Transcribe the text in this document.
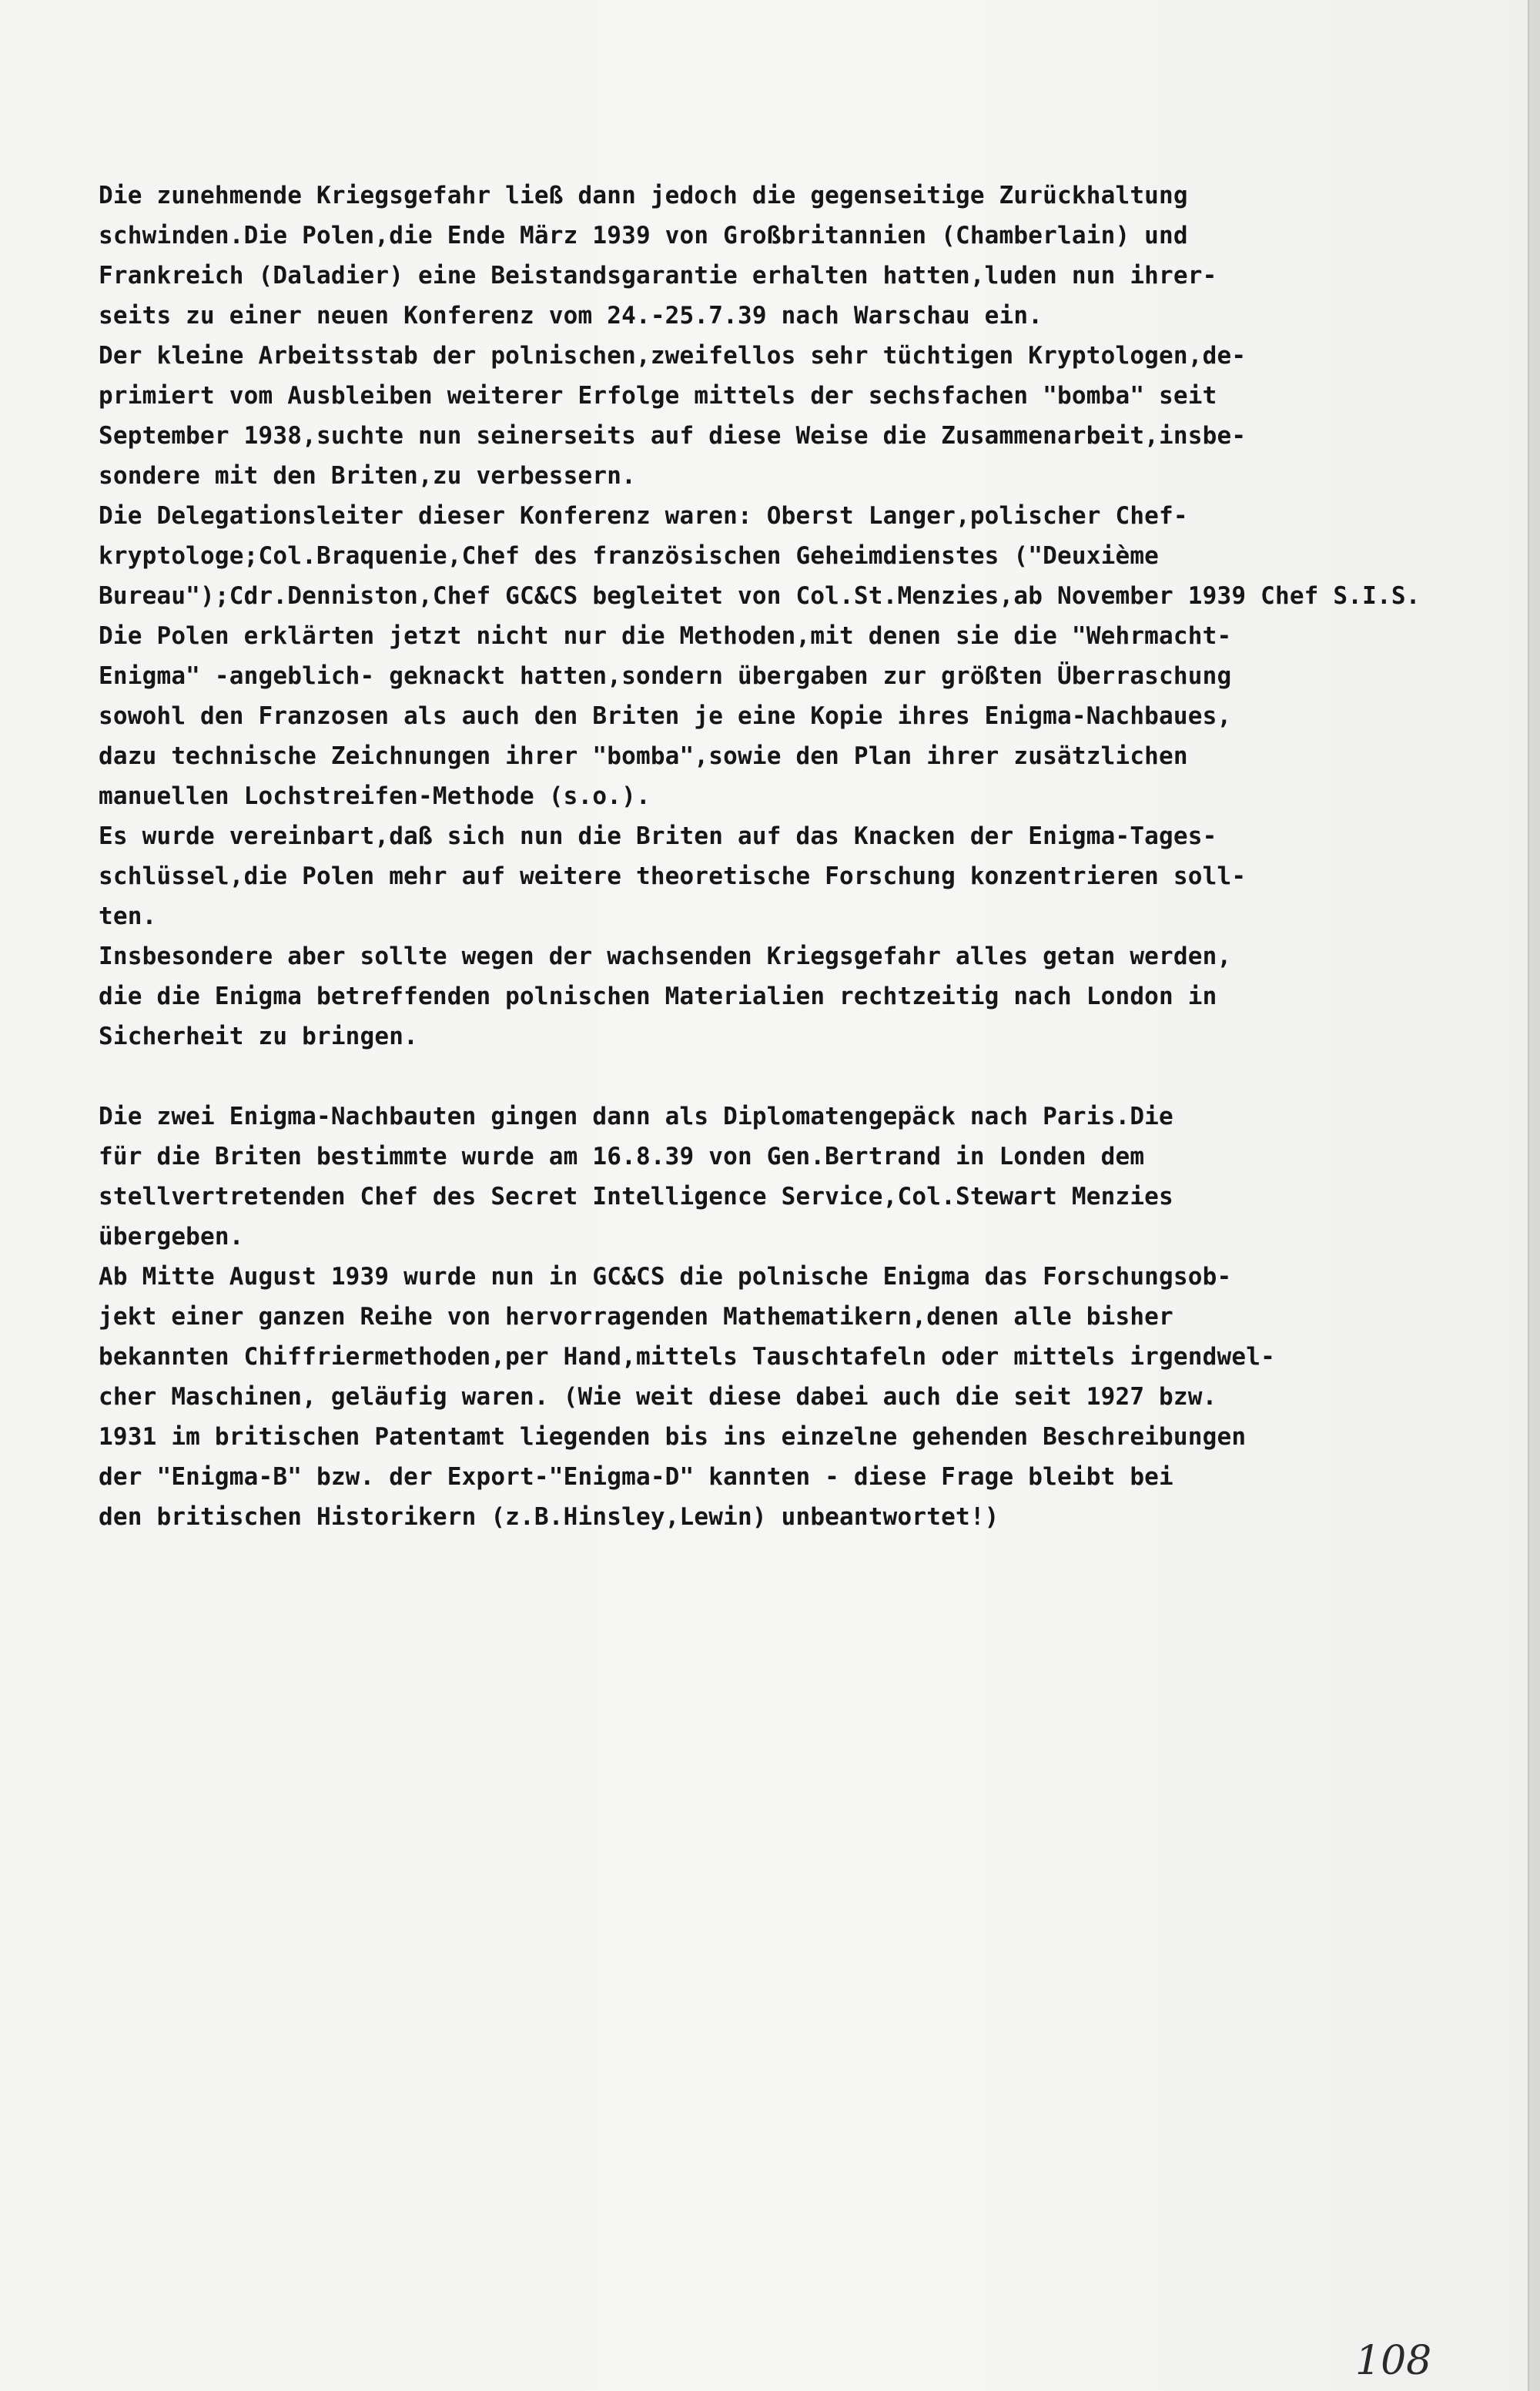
Die zunehmende Kriegsgefahr ließ dann jedoch die gegenseitige Zurückhaltung
schwinden.Die Polen,die Ende März 1939 von Großbritannien (Chamberlain) und
Frankreich (Daladier) eine Beistandsgarantie erhalten hatten,luden nun ihrer-
seits zu einer neuen Konferenz vom 24.-25.7.39 nach Warschau ein.
Der kleine Arbeitsstab der polnischen,zweifellos sehr tüchtigen Kryptologen,de-
primiert vom Ausbleiben weiterer Erfolge mittels der sechsfachen "bomba" seit
September 1938,suchte nun seinerseits auf diese Weise die Zusammenarbeit,insbe-
sondere mit den Briten,zu verbessern.
Die Delegationsleiter dieser Konferenz waren: Oberst Langer,polischer Chef-
kryptologe;Col.Braquenie,Chef des französischen Geheimdienstes ("Deuxième
Bureau");Cdr.Denniston,Chef GC&CS begleitet von Col.St.Menzies,ab November 1939 Chef S.I.S.
Die Polen erklärten jetzt nicht nur die Methoden,mit denen sie die "Wehrmacht-
Enigma" -angeblich- geknackt hatten,sondern übergaben zur größten Überraschung
sowohl den Franzosen als auch den Briten je eine Kopie ihres Enigma-Nachbaues,
dazu technische Zeichnungen ihrer "bomba",sowie den Plan ihrer zusätzlichen
manuellen Lochstreifen-Methode (s.o.).
Es wurde vereinbart,daß sich nun die Briten auf das Knacken der Enigma-Tages-
schlüssel,die Polen mehr auf weitere theoretische Forschung konzentrieren soll-
ten.
Insbesondere aber sollte wegen der wachsenden Kriegsgefahr alles getan werden,
die die Enigma betreffenden polnischen Materialien rechtzeitig nach London in
Sicherheit zu bringen.

Die zwei Enigma-Nachbauten gingen dann als Diplomatengepäck nach Paris.Die
für die Briten bestimmte wurde am 16.8.39 von Gen.Bertrand in Londen dem
stellvertretenden Chef des Secret Intelligence Service,Col.Stewart Menzies
übergeben.
Ab Mitte August 1939 wurde nun in GC&CS die polnische Enigma das Forschungsob-
jekt einer ganzen Reihe von hervorragenden Mathematikern,denen alle bisher
bekannten Chiffriermethoden,per Hand,mittels Tauschtafeln oder mittels irgendwel-
cher Maschinen, geläufig waren. (Wie weit diese dabei auch die seit 1927 bzw.
1931 im britischen Patentamt liegenden bis ins einzelne gehenden Beschreibungen
der "Enigma-B" bzw. der Export-"Enigma-D" kannten - diese Frage bleibt bei
den britischen Historikern (z.B.Hinsley,Lewin) unbeantwortet!)
108
